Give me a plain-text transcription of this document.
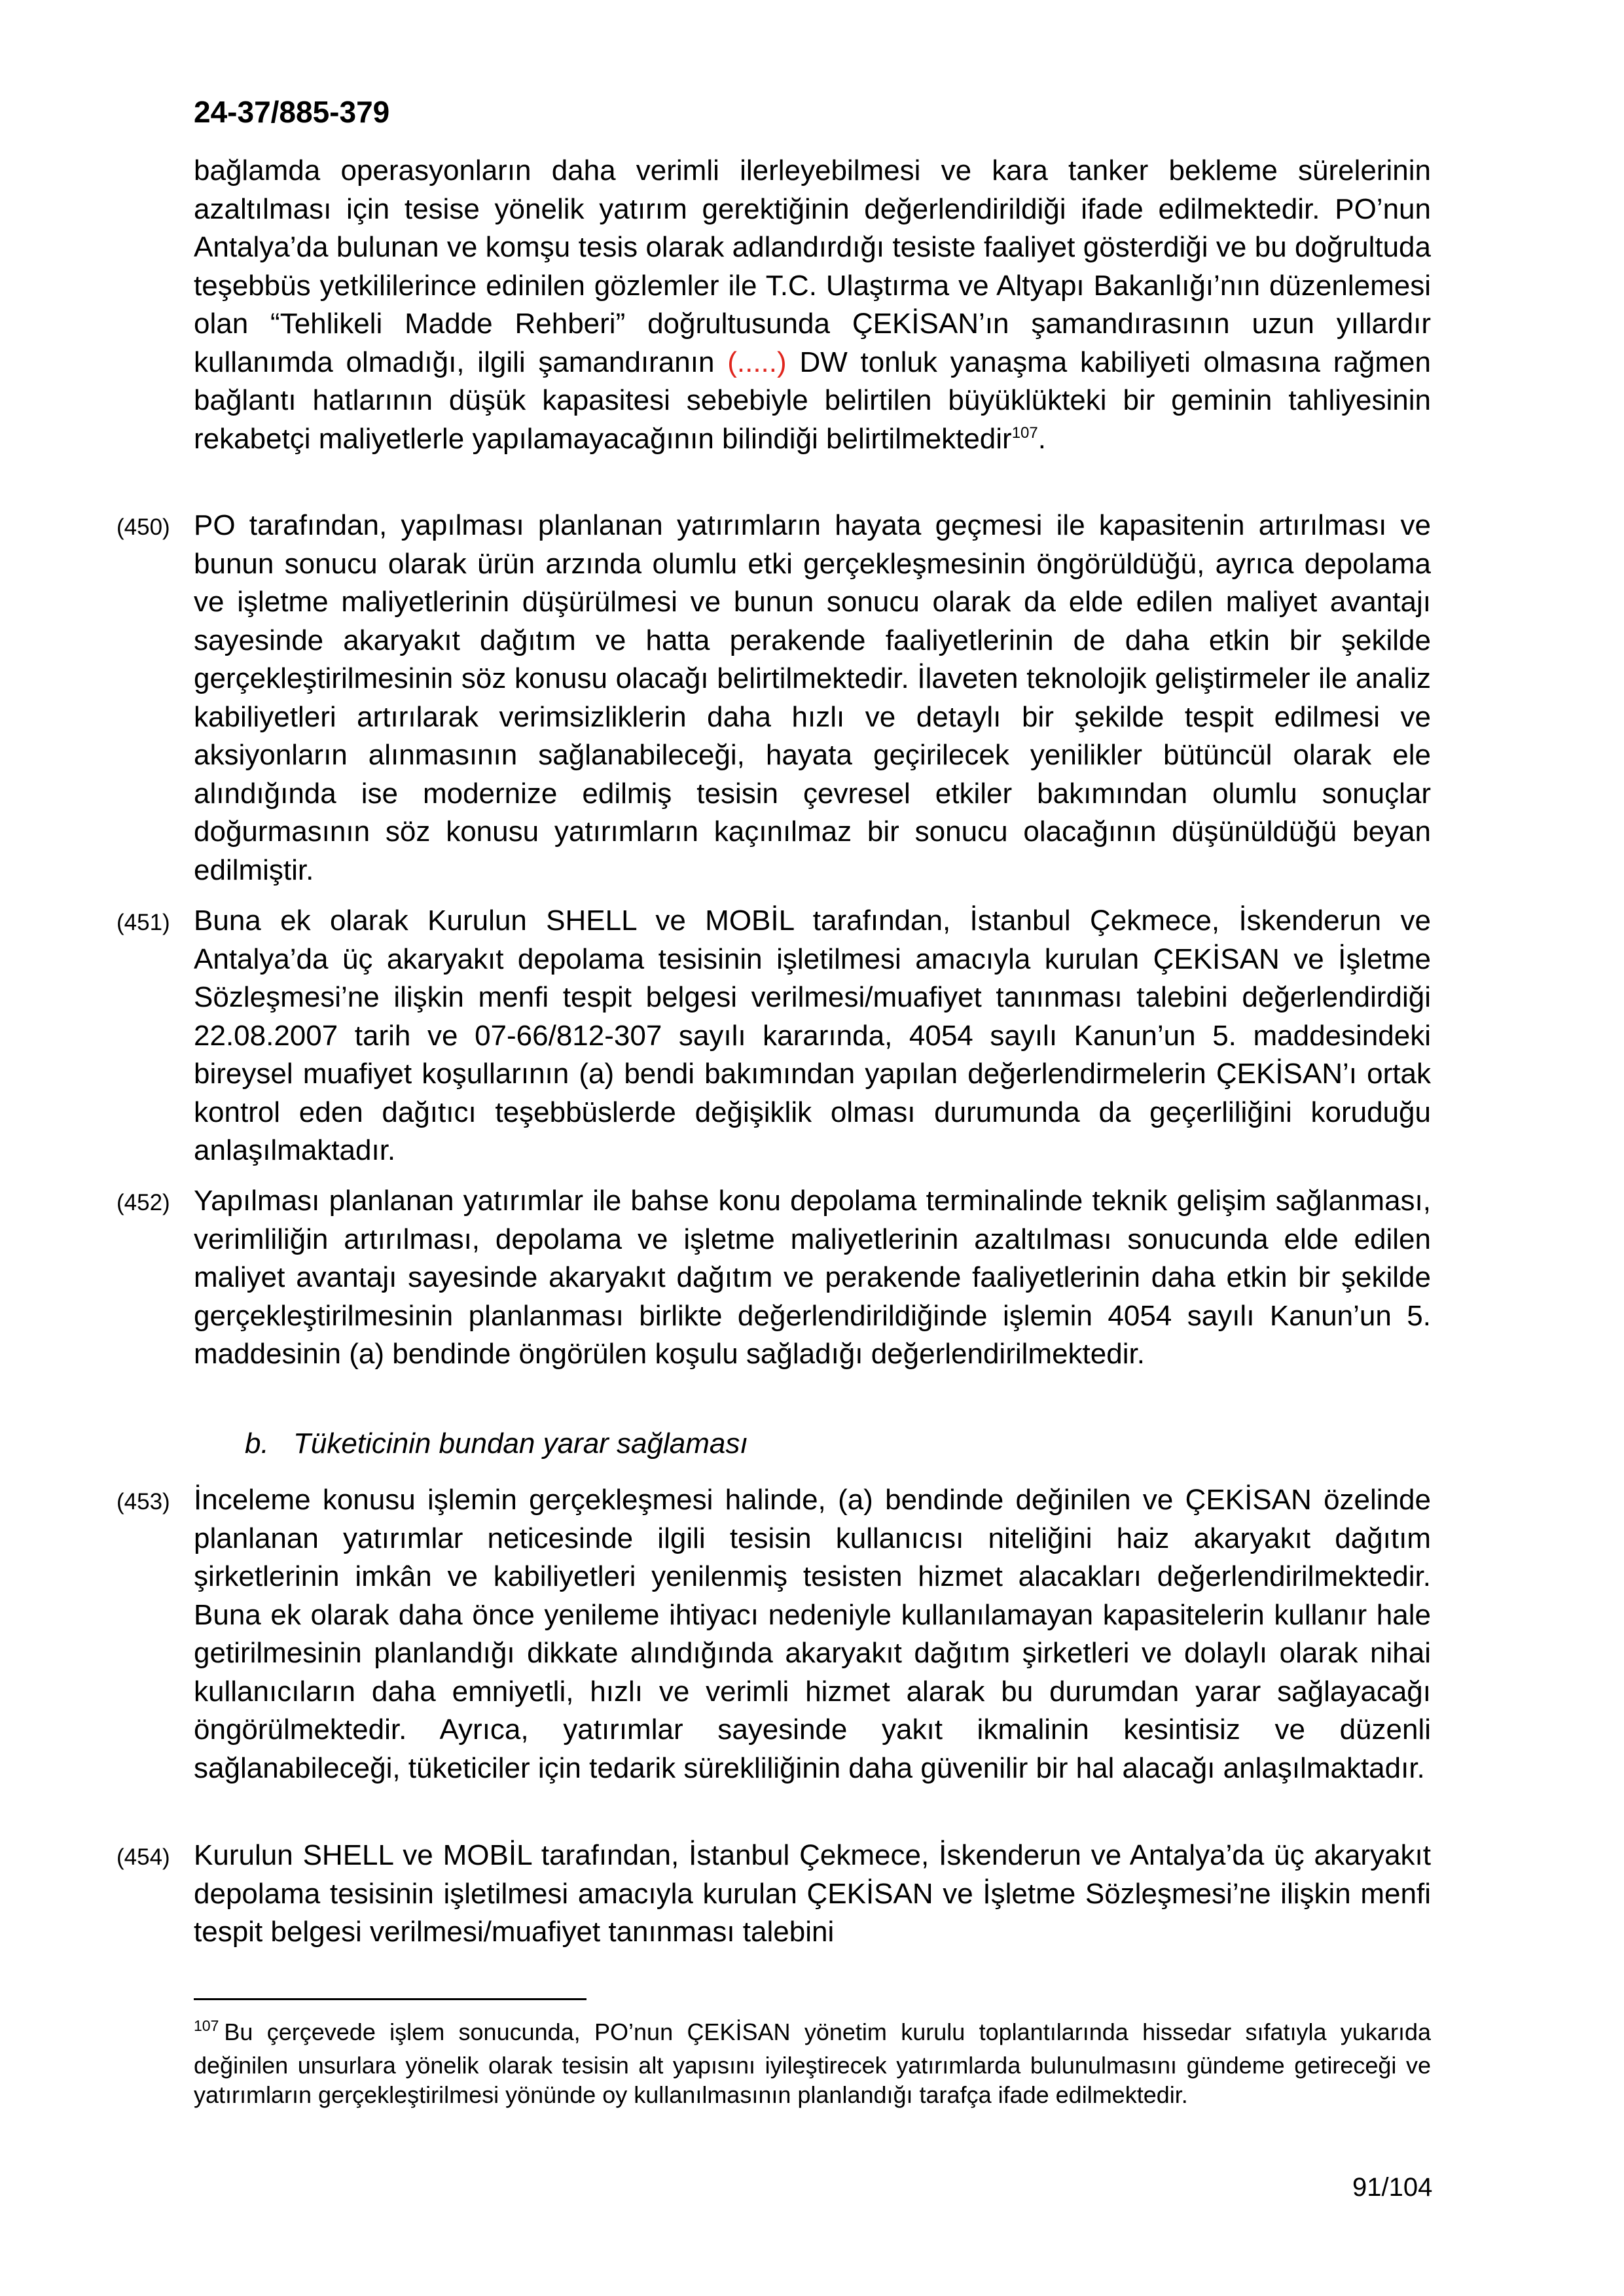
24-37/885-379

bağlamda operasyonların daha verimli ilerleyebilmesi ve kara tanker bekleme sürelerinin azaltılması için tesise yönelik yatırım gerektiğinin değerlendirildiği ifade edilmektedir. PO’nun Antalya’da bulunan ve komşu tesis olarak adlandırdığı tesiste faaliyet gösterdiği ve bu doğrultuda teşebbüs yetkililerince edinilen gözlemler ile T.C. Ulaştırma ve Altyapı Bakanlığı’nın düzenlemesi olan “Tehlikeli Madde Rehberi” doğrultusunda ÇEKİSAN’ın şamandırasının uzun yıllardır kullanımda olmadığı, ilgili şamandıranın (.....) DW tonluk yanaşma kabiliyeti olmasına rağmen bağlantı hatlarının düşük kapasitesi sebebiyle belirtilen büyüklükteki bir geminin tahliyesinin rekabetçi maliyetlerle yapılamayacağının bilindiği belirtilmektedir$^{107}$.

(450) PO tarafından, yapılması planlanan yatırımların hayata geçmesi ile kapasitenin artırılması ve bunun sonucu olarak ürün arzında olumlu etki gerçekleşmesinin öngörüldüğü, ayrıca depolama ve işletme maliyetlerinin düşürülmesi ve bunun sonucu olarak da elde edilen maliyet avantajı sayesinde akaryakıt dağıtım ve hatta perakende faaliyetlerinin de daha etkin bir şekilde gerçekleştirilmesinin söz konusu olacağı belirtilmektedir. İlaveten teknolojik geliştirmeler ile analiz kabiliyetleri artırılarak verimsizliklerin daha hızlı ve detaylı bir şekilde tespit edilmesi ve aksiyonların alınmasının sağlanabileceği, hayata geçirilecek yenilikler bütüncül olarak ele alındığında ise modernize edilmiş tesisin çevresel etkiler bakımından olumlu sonuçlar doğurmasının söz konusu yatırımların kaçınılmaz bir sonucu olacağının düşünüldüğü beyan edilmiştir.

(451) Buna ek olarak Kurulun SHELL ve MOBİL tarafından, İstanbul Çekmece, İskenderun ve Antalya’da üç akaryakıt depolama tesisinin işletilmesi amacıyla kurulan ÇEKİSAN ve İşletme Sözleşmesi’ne ilişkin menfi tespit belgesi verilmesi/muafiyet tanınması talebini değerlendirdiği 22.08.2007 tarih ve 07-66/812-307 sayılı kararında, 4054 sayılı Kanun’un 5. maddesindeki bireysel muafiyet koşullarının (a) bendi bakımından yapılan değerlendirmelerin ÇEKİSAN’ı ortak kontrol eden dağıtıcı teşebbüslerde değişiklik olması durumunda da geçerliliğini koruduğu anlaşılmaktadır.

(452) Yapılması planlanan yatırımlar ile bahse konu depolama terminalinde teknik gelişim sağlanması, verimliliğin artırılması, depolama ve işletme maliyetlerinin azaltılması sonucunda elde edilen maliyet avantajı sayesinde akaryakıt dağıtım ve perakende faaliyetlerinin daha etkin bir şekilde gerçekleştirilmesinin planlanması birlikte değerlendirildiğinde işlemin 4054 sayılı Kanun’un 5. maddesinin (a) bendinde öngörülen koşulu sağladığı değerlendirilmektedir.

b. Tüketicinin bundan yarar sağlaması
(453) İnceleme konusu işlemin gerçekleşmesi halinde, (a) bendinde değinilen ve ÇEKİSAN özelinde planlanan yatırımlar neticesinde ilgili tesisin kullanıcısı niteliğini haiz akaryakıt dağıtım şirketlerinin imkân ve kabiliyetleri yenilenmiş tesisten hizmet alacakları değerlendirilmektedir. Buna ek olarak daha önce yenileme ihtiyacı nedeniyle kullanılamayan kapasitelerin kullanır hale getirilmesinin planlandığı dikkate alındığında akaryakıt dağıtım şirketleri ve dolaylı olarak nihai kullanıcıların daha emniyetli, hızlı ve verimli hizmet alarak bu durumdan yarar sağlayacağı öngörülmektedir. Ayrıca, yatırımlar sayesinde yakıt ikmalinin kesintisiz ve düzenli sağlanabileceği, tüketiciler için tedarik sürekliliğinin daha güvenilir bir hal alacağı anlaşılmaktadır.

(454) Kurulun SHELL ve MOBİL tarafından, İstanbul Çekmece, İskenderun ve Antalya’da üç akaryakıt depolama tesisinin işletilmesi amacıyla kurulan ÇEKİSAN ve İşletme Sözleşmesi’ne ilişkin menfi tespit belgesi verilmesi/muafiyet tanınması talebini

$^{107}$ Bu çerçevede işlem sonucunda, PO’nun ÇEKİSAN yönetim kurulu toplantılarında hissedar sıfatıyla yukarıda değinilen unsurlara yönelik olarak tesisin alt yapısını iyileştirecek yatırımlarda bulunulmasını gündeme getireceği ve yatırımların gerçekleştirilmesi yönünde oy kullanılmasının planlandığı tarafça ifade edilmektedir.

91/104
